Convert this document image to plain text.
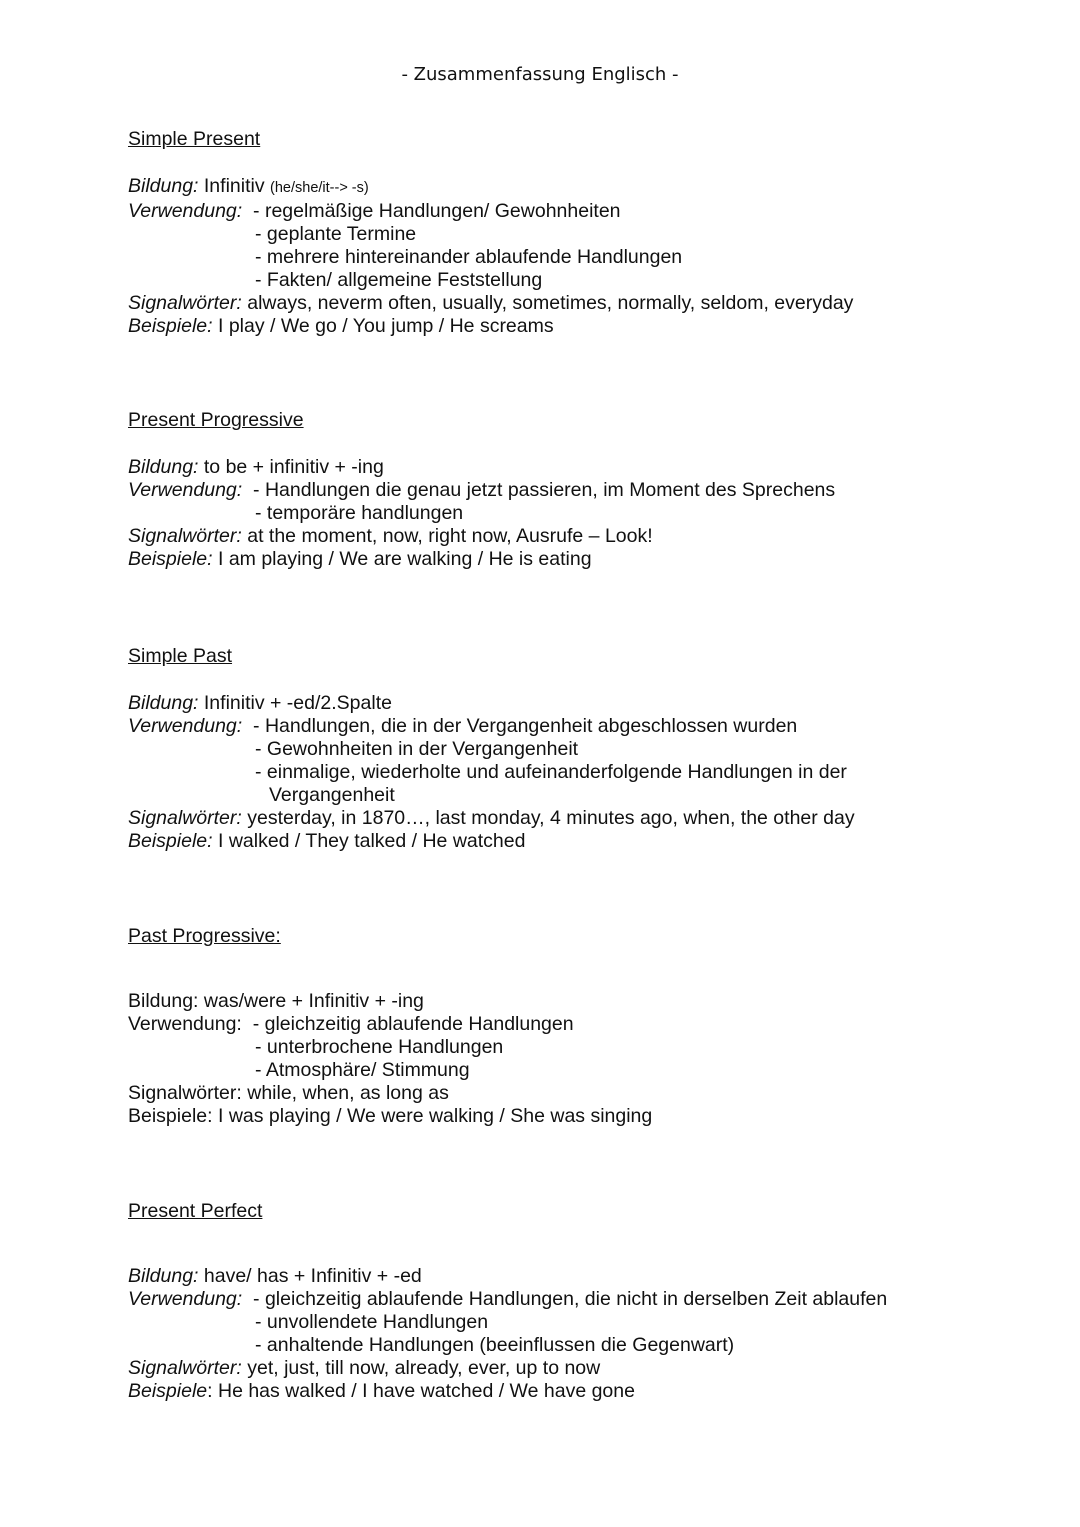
- Zusammenfassung Englisch -
Simple Present
Bildung: Infinitiv (he/she/it--> -s)
Verwendung: - regelmäßige Handlungen/ Gewohnheiten
- geplante Termine
- mehrere hintereinander ablaufende Handlungen
- Fakten/ allgemeine Feststellung
Signalwörter: always, neverm often, usually, sometimes, normally, seldom, everyday
Beispiele: I play / We go / You jump / He screams
Present Progressive
Bildung: to be + infinitiv + -ing
Verwendung: - Handlungen die genau jetzt passieren, im Moment des Sprechens
- temporäre handlungen
Signalwörter: at the moment, now, right now, Ausrufe – Look!
Beispiele: I am playing / We are walking / He is eating
Simple Past
Bildung: Infinitiv + -ed/2.Spalte
Verwendung: - Handlungen, die in der Vergangenheit abgeschlossen wurden
- Gewohnheiten in der Vergangenheit
- einmalige, wiederholte und aufeinanderfolgende Handlungen in der
Vergangenheit
Signalwörter: yesterday, in 1870…, last monday, 4 minutes ago, when, the other day
Beispiele: I walked / They talked / He watched
Past Progressive:
Bildung: was/were + Infinitiv + -ing
Verwendung: - gleichzeitig ablaufende Handlungen
- unterbrochene Handlungen
- Atmosphäre/ Stimmung
Signalwörter: while, when, as long as
Beispiele: I was playing / We were walking / She was singing
Present Perfect
Bildung: have/ has + Infinitiv + -ed
Verwendung: - gleichzeitig ablaufende Handlungen, die nicht in derselben Zeit ablaufen
- unvollendete Handlungen
- anhaltende Handlungen (beeinflussen die Gegenwart)
Signalwörter: yet, just, till now, already, ever, up to now
Beispiele: He has walked / I have watched / We have gone
